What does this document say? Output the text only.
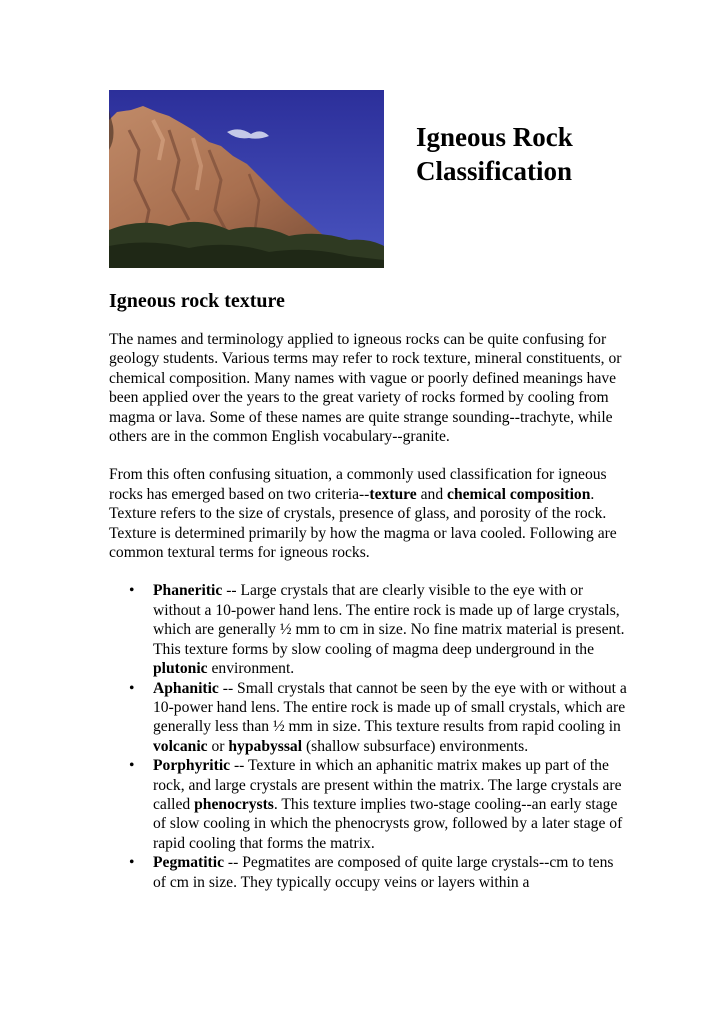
Igneous Rock
Classification
Igneous rock texture

The names and terminology applied to igneous rocks can be quite confusing for geology students. Various terms may refer to rock texture, mineral constituents, or chemical composition. Many names with vague or poorly defined meanings have been applied over the years to the great variety of rocks formed by cooling from magma or lava. Some of these names are quite strange sounding--trachyte, while others are in the common English vocabulary--granite.

From this often confusing situation, a commonly used classification for igneous rocks has emerged based on two criteria--texture and chemical composition. Texture refers to the size of crystals, presence of glass, and porosity of the rock. Texture is determined primarily by how the magma or lava cooled. Following are common textural terms for igneous rocks.

• Phaneritic -- Large crystals that are clearly visible to the eye with or without a 10-power hand lens. The entire rock is made up of large crystals, which are generally ½ mm to cm in size. No fine matrix material is present. This texture forms by slow cooling of magma deep underground in the plutonic environment.
• Aphanitic -- Small crystals that cannot be seen by the eye with or without a 10-power hand lens. The entire rock is made up of small crystals, which are generally less than ½ mm in size. This texture results from rapid cooling in volcanic or hypabyssal (shallow subsurface) environments.
• Porphyritic -- Texture in which an aphanitic matrix makes up part of the rock, and large crystals are present within the matrix. The large crystals are called phenocrysts. This texture implies two-stage cooling--an early stage of slow cooling in which the phenocrysts grow, followed by a later stage of rapid cooling that forms the matrix.
• Pegmatitic -- Pegmatites are composed of quite large crystals--cm to tens of cm in size. They typically occupy veins or layers within a
